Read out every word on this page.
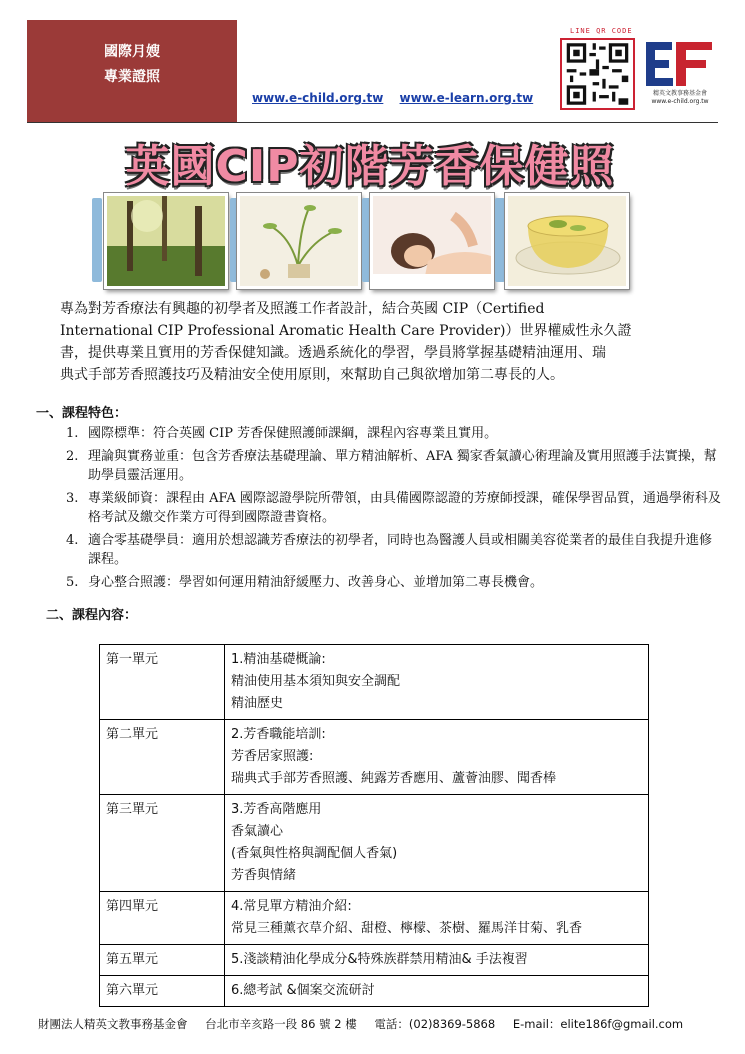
國際月嫂
專業證照
www.e-child.org.tw www.e-learn.org.tw
LINE QR CODE
精英文教事務基金會
www.e-child.org.tw
英國CIP初階芳香保健照

專為對芳香療法有興趣的初學者及照護工作者設計，結合英國 CIP（Certified

International CIP Professional Aromatic Health Care Provider)）世界權威性永久證

書，提供專業且實用的芳香保健知識。透過系統化的學習，學員將掌握基礎精油運用、瑞

典式手部芳香照護技巧及精油安全使用原則，來幫助自己與欲增加第二專長的人。

一、課程特色：
1. 國際標準：符合英國 CIP 芳香保健照護師課綱，課程內容專業且實用。
2. 理論與實務並重：包含芳香療法基礎理論、單方精油解析、AFA 獨家香氣讀心術理論及實用照護手法實操，幫助學員靈活運用。
3. 專業級師資：課程由 AFA 國際認證學院所帶領，由具備國際認證的芳療師授課，確保學習品質，通過學術科及格考試及繳交作業方可得到國際證書資格。
4. 適合零基礎學員：適用於想認識芳香療法的初學者，同時也為醫護人員或相關美容從業者的最佳自我提升進修課程。
5. 身心整合照護：學習如何運用精油舒緩壓力、改善身心、並增加第二專長機會。
二、課程內容：
第一單元	1.精油基礎概論:
精油使用基本須知與安全調配
精油歷史

第二單元	2.芳香職能培訓:
芳香居家照護:
瑞典式手部芳香照護、純露芳香應用、蘆薈油膠、聞香棒

第三單元	3.芳香高階應用
香氣讀心
(香氣與性格與調配個人香氣)
芳香與情緒

第四單元	4.常見單方精油介紹:
常見三種薰衣草介紹、甜橙、檸檬、茶樹、羅馬洋甘菊、乳香

第五單元	5.淺談精油化學成分&特殊族群禁用精油& 手法複習

第六單元	6.總考試 &個案交流研討
財團法人精英文教事務基金會 台北市辛亥路一段 86 號 2 樓 電話：(02)8369-5868 E-mail：elite186f@gmail.com
